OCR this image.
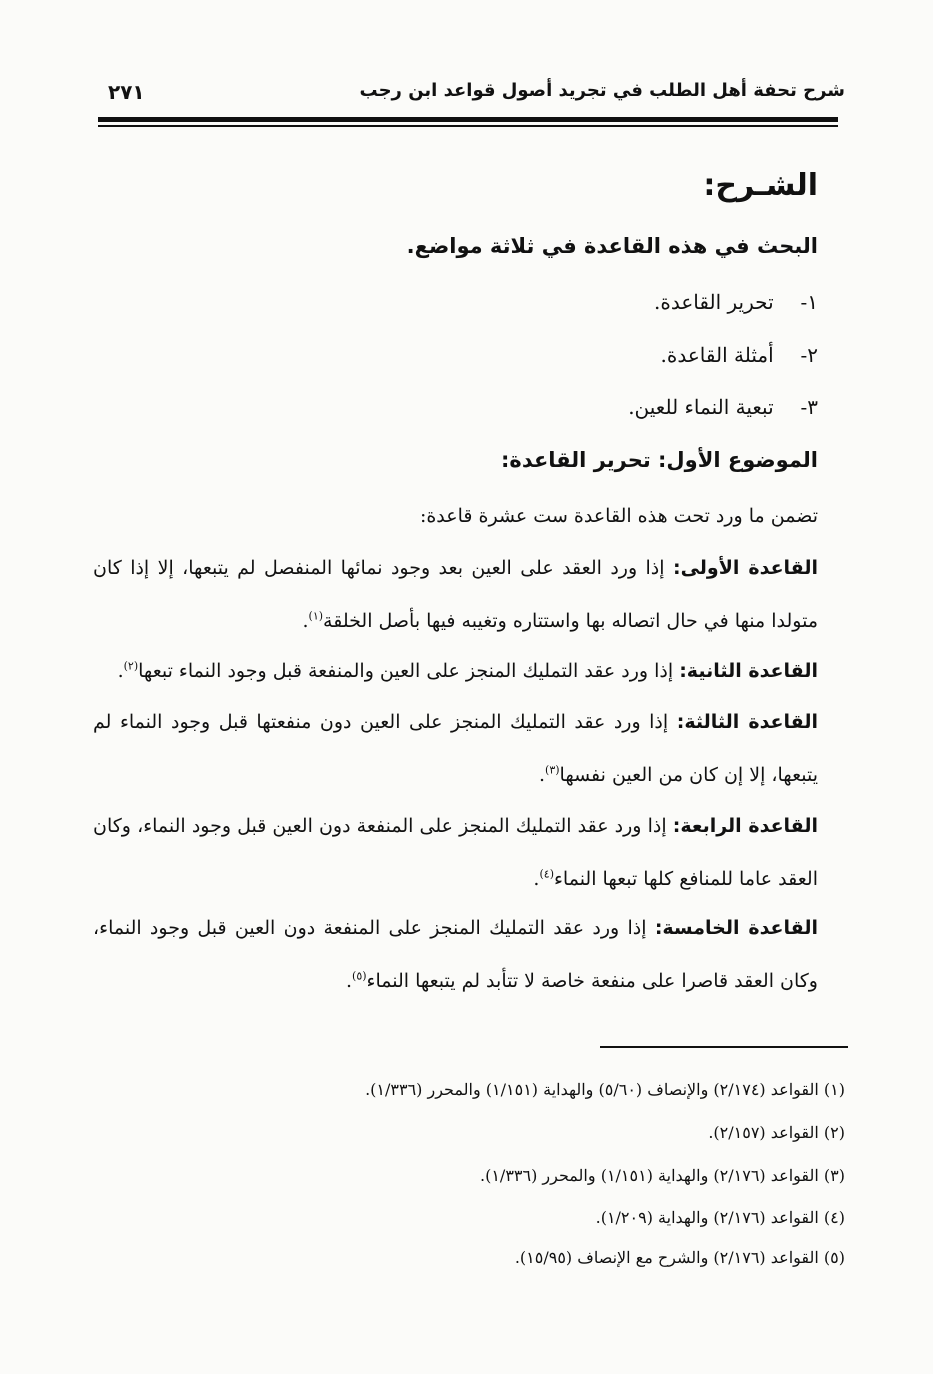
شرح تحفة أهل الطلب في تجريد أصول قواعد ابن رجب
٢٧١
الشـرح:
البحث في هذه القاعدة في ثلاثة مواضع.
١- تحرير القاعدة.
٢- أمثلة القاعدة.
٣- تبعية النماء للعين.
الموضوع الأول: تحرير القاعدة:

تضمن ما ورد تحت هذه القاعدة ست عشرة قاعدة:

القاعدة الأولى: إذا ورد العقد على العين بعد وجود نمائها المنفصل لم يتبعها، إلا إذا كان متولدا منها في حال اتصاله بها واستتاره وتغيبه فيها بأصل الخلقة$^{(١)}$.

القاعدة الثانية: إذا ورد عقد التمليك المنجز على العين والمنفعة قبل وجود النماء تبعها$^{(٢)}$.

القاعدة الثالثة: إذا ورد عقد التمليك المنجز على العين دون منفعتها قبل وجود النماء لم يتبعها، إلا إن كان من العين نفسها$^{(٣)}$.

القاعدة الرابعة: إذا ورد عقد التمليك المنجز على المنفعة دون العين قبل وجود النماء، وكان العقد عاما للمنافع كلها تبعها النماء$^{(٤)}$.

القاعدة الخامسة: إذا ورد عقد التمليك المنجز على المنفعة دون العين قبل وجود النماء، وكان العقد قاصرا على منفعة خاصة لا تتأبد لم يتبعها النماء$^{(٥)}$.

(١) القواعد (٢/١٧٤) والإنصاف (٥/٦٠) والهداية (١/١٥١) والمحرر (١/٣٣٦).
(٢) القواعد (٢/١٥٧).
(٣) القواعد (٢/١٧٦) والهداية (١/١٥١) والمحرر (١/٣٣٦).
(٤) القواعد (٢/١٧٦) والهداية (١/٢٠٩).
(٥) القواعد (٢/١٧٦) والشرح مع الإنصاف (١٥/٩٥).
